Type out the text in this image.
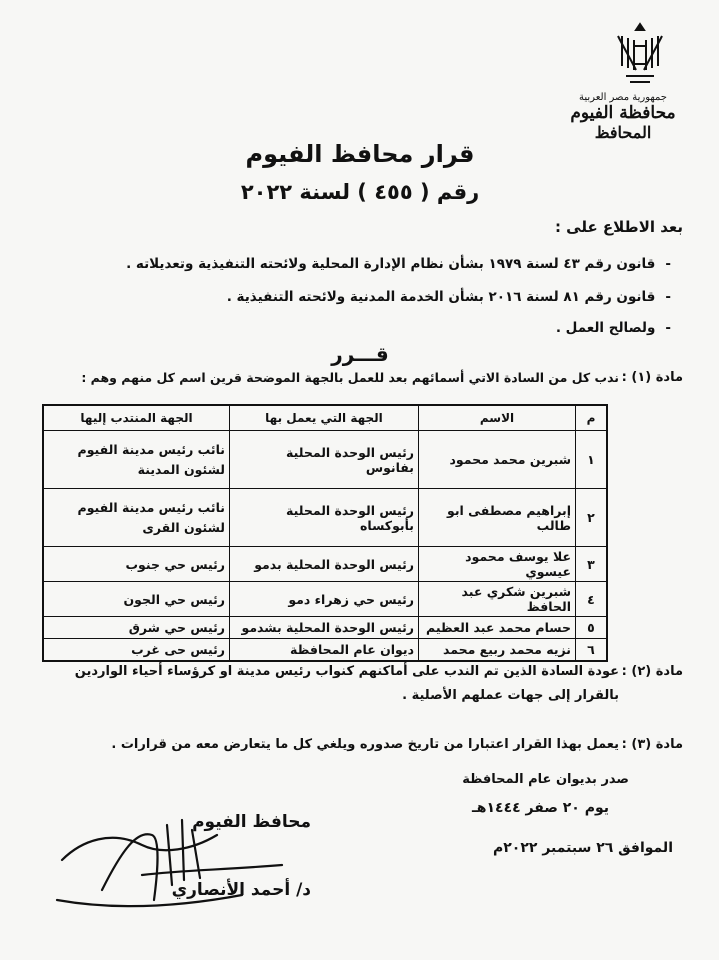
جمهورية مصر العربية
محافظة الفيوم
المحافظ
قرار محافظ الفيوم
رقم ( ٤٥٥ ) لسنة ٢٠٢٢
بعد الاطلاع على :
- قانون رقم ٤٣ لسنة ١٩٧٩ بشأن نظام الإدارة المحلية ولائحته التنفيذية وتعديلاته .
- قانون رقم ٨١ لسنة ٢٠١٦ بشأن الخدمة المدنية ولائحته التنفيذية .
- ولصالح العمل .
قـــرر
مادة (١) :
ندب كل من السادة الاتي أسمائهم بعد للعمل بالجهة الموضحة قرين اسم كل منهم وهم :
م	الاسم	الجهة التي يعمل بها	الجهة المنتدب إليها
١	شبرين محمد محمود	رئيس الوحدة المحلية بفانوس	نائب رئيس مدينة الفيوم لشئون المدينة
٢	إبراهيم مصطفى ابو طالب	رئيس الوحدة المحلية بأبوكساه	نائب رئيس مدينة الفيوم لشئون القرى
٣	علا يوسف محمود عيسوي	رئيس الوحدة المحلية بدمو	رئيس حي جنوب
٤	شبرين شكري عبد الحافظ	رئيس حي زهراء دمو	رئيس حي الجون
٥	حسام محمد عبد العظيم	رئيس الوحدة المحلية بشدمو	رئيس حي شرق
٦	نزيه محمد ربيع محمد	ديوان عام المحافظة	رئيس حى غرب
مادة (٢) :
عودة السادة الذين تم الندب على أماكنهم كنواب رئيس مدينة او كرؤساء أحياء الواردين
بالقرار إلى جهات عملهم الأصلية .
مادة (٣) :
يعمل بهذا القرار اعتبارا من تاريخ صدوره ويلغي كل ما يتعارض معه من قرارات .
صدر بديوان عام المحافظة
يوم ٢٠ صفر ١٤٤٤هـ
الموافق ٢٦ سبتمبر ٢٠٢٢م
محافظ الفيوم
د/ أحمد الأنصاري
